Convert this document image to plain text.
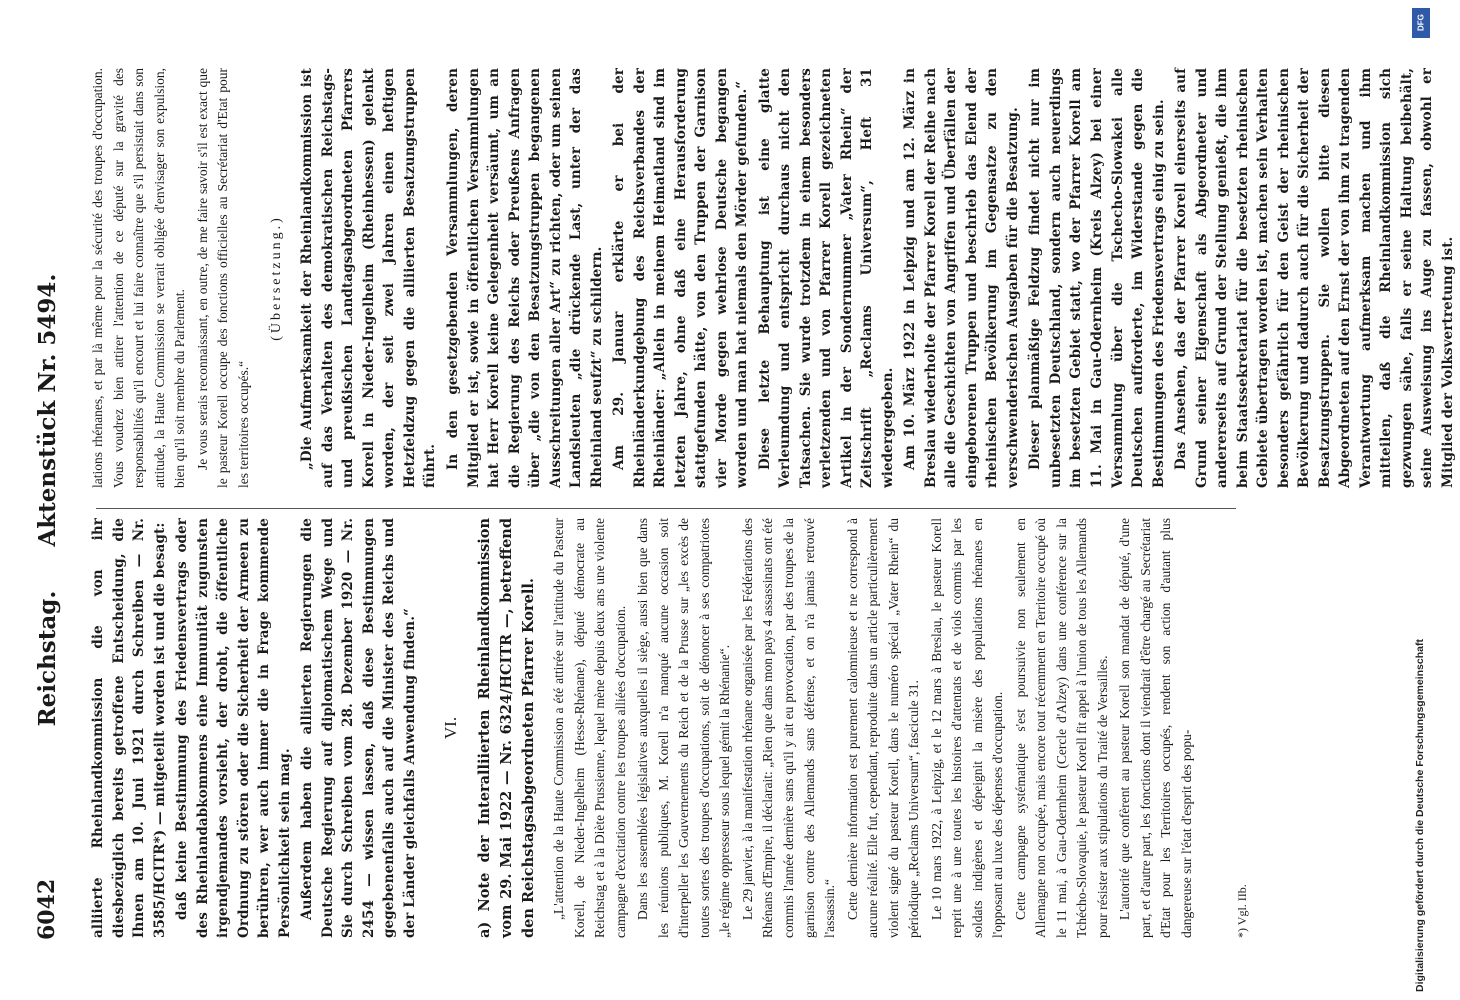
6042
Reichstag. Aktenstück Nr. 5494.

alliierte Rheinlandkommission die von ihr diesbezüglich bereits getroffene Entscheidung, die Ihnen am 10. Juni 1921 durch Schreiben — Nr. 3585/HCITR*) — mitgeteilt worden ist und die besagt: daß keine Bestimmung des Friedensvertrags oder des Rheinlandabkommens eine Immunität zugunsten irgendjemandes vorsieht, der droht, die öffentliche Ordnung zu stören oder die Sicherheit der Armeen zu berühren, wer auch immer die in Frage kommende Persönlichkeit sein mag. Außerdem haben die alliierten Regierungen die Deutsche Regierung auf diplomatischem Wege und Sie durch Schreiben vom 28. Dezember 1920 — Nr. 2454 — wissen lassen, daß diese Bestimmungen gegebenenfalls auch auf die Minister des Reichs und der Länder gleichfalls Anwendung finden.“ VI. a) Note der Interalliierten Rheinlandkommission vom 29. Mai 1922 — Nr. 6324/HCITR —, betreffend den Reichstagsabgeordneten Pfarrer Korell. „L'attention de la Haute Commission a été attirée sur l'attitude du Pasteur Korell, de Nieder-Ingelheim (Hesse-Rhénane), député démocrate au Reichstag et à la Diète Prussienne, lequel mène depuis deux ans une violente campagne d'excitation contre les troupes alliées d'occupation. Dans les assemblées législatives auxquelles il siège, aussi bien que dans les réunions publiques, M. Korell n'a manqué aucune occasion soit d'interpeller les Gouvernements du Reich et de la Prusse sur „les excès de toutes sortes des troupes d'occupations, soit de dénoncer à ses compatriotes „le régime oppresseur sous lequel gémit la Rhénanie“. Le 29 janvier, à la manifestation rhénane organisée par les Fédérations des Rhénans d'Empire, il déclarait: „Rien que dans mon pays 4 assassinats ont été commis l'année dernière sans qu'il y ait eu provocation, par des troupes de la garnison contre des Allemands sans défense, et on n'a jamais retrouvé l'assassin.“ Cette dernière information est purement calomnieuse et ne correspond à aucune réalité. Elle fut, cependant, reproduite dans un article particulièrement violent signé du pasteur Korell, dans le numéro spécial „Vater Rhein“ du périodique „Reclams Universum“, fascicule 31. Le 10 mars 1922, à Leipzig, et le 12 mars à Breslau, le pasteur Korell reprit une à une toutes les histoires d'attentats et de viols commis par les soldats indigènes et dépeignit la misère des populations rhénanes en l'opposant au luxe des dépenses d'occupation. Cette campagne systématique s'est poursuivie non seulement en Allemagne non occupée, mais encore tout récemment en Territoire occupé où le 11 mai, à Gau-Odernheim (Cercle d'Alzey) dans une conférence sur la Tchécho-Slovaquie, le pasteur Korell fit appel à l'union de tous les Allemands pour résister aux stipulations du Traité de Versailles. L'autorité que confèrent au pasteur Korell son mandat de député, d'une part, et d'autre part, les fonctions dont il viendrait d'être chargé au Secrétariat d'Etat pour les Territoires occupés, rendent son action d'autant plus dangereuse sur l'état d'esprit des popu-	*) Vgl. IIb.

lations rhénanes, et par là même pour la sécurité des troupes d'occupation. Vous voudrez bien attirer l'attention de ce député sur la gravité des responsabilités qu'il encourt et lui faire connaître que s'il persistait dans son attitude, la Haute Commission se verrait obligée d'envisager son expulsion, bien qu'il soit membre du Parlement. Je vous serais reconnaissant, en outre, de me faire savoir s'il est exact que le pasteur Korell occupe des fonctions officielles au Secrétariat d'Etat pour les territoires occupés.“

(Übersetzung.) „Die Aufmerksamkeit der Rheinlandkommission ist auf das Verhalten des demokratischen Reichstags- und preußischen Landtagsabgeordneten Pfarrers Korell in Nieder-Ingelheim (Rheinhessen) gelenkt worden, der seit zwei Jahren einen heftigen Hetzfeldzug gegen die alliierten Besatzungstruppen führt. In den gesetzgebenden Versammlungen, deren Mitglied er ist, sowie in öffentlichen Versammlungen hat Herr Korell keine Gelegenheit versäumt, um an die Regierung des Reichs oder Preußens Anfragen über „die von den Besatzungstruppen begangenen Ausschreitungen aller Art“ zu richten, oder um seinen Landsleuten „die drückende Last, unter der das Rheinland seufzt“ zu schildern. Am 29. Januar erklärte er bei der Rheinländerkundgebung des Reichsverbandes der Rheinländer: „Allein in meinem Heimatland sind im letzten Jahre, ohne daß eine Herausforderung stattgefunden hätte, von den Truppen der Garnison vier Morde gegen wehrlose Deutsche begangen worden und man hat niemals den Mörder gefunden.“ Diese letzte Behauptung ist eine glatte Verleumdung und entspricht durchaus nicht den Tatsachen. Sie wurde trotzdem in einem besonders verletzenden und von Pfarrer Korell gezeichneten Artikel in der Sondernummer „Vater Rhein“ der Zeitschrift „Reclams Universum“, Heft 31 wiedergegeben. Am 10. März 1922 in Leipzig und am 12. März in Breslau wiederholte der Pfarrer Korell der Reihe nach alle die Geschichten von Angriffen und Überfällen der eingeborenen Truppen und beschrieb das Elend der rheinischen Bevölkerung im Gegensatze zu den verschwenderischen Ausgaben für die Besatzung. Dieser planmäßige Feldzug findet nicht nur im unbesetzten Deutschland, sondern auch neuerdings im besetzten Gebiet statt, wo der Pfarrer Korell am 11. Mai in Gau-Odernheim (Kreis Alzey) bei einer Versammlung über die Tschecho-Slowakei alle Deutschen aufforderte, im Widerstande gegen die Bestimmungen des Friedensvertrags einig zu sein. Das Ansehen, das der Pfarrer Korell einerseits auf Grund seiner Eigenschaft als Abgeordneter und andererseits auf Grund der Stellung genießt, die ihm beim Staatssekretariat für die besetzten rheinischen Gebiete übertragen worden ist, machen sein Verhalten besonders gefährlich für den Geist der rheinischen Bevölkerung und dadurch auch für die Sicherheit der Besatzungstruppen. Sie wollen bitte diesen Abgeordneten auf den Ernst der von ihm zu tragenden Verantwortung aufmerksam machen und ihm mitteilen, daß die Rheinlandkommission sich gezwungen sähe, falls er seine Haltung beibehält, seine Ausweisung ins Auge zu fassen, obwohl er Mitglied der Volksvertretung ist.

DFG
Digitalisierung gefördert durch die Deutsche Forschungsgemeinschaft
